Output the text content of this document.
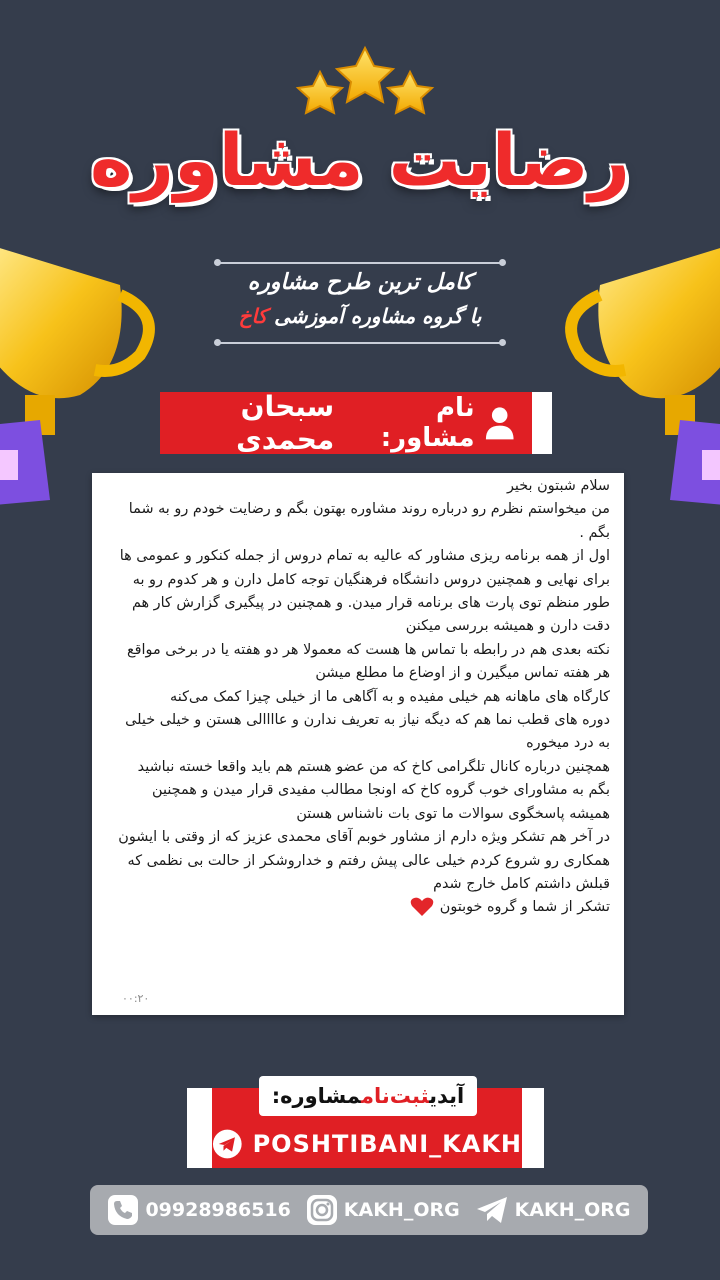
رضایت مشاوره
کامل ترین طرح مشاوره
با گروه مشاوره آموزشی کاخ
سبحان محمدی
نام مشاور:
سلام شبتون بخیر
من میخواستم نظرم رو درباره روند مشاوره بهتون بگم و رضایت خودم رو به شما بگم .
اول از همه برنامه ریزی مشاور که عالیه به تمام دروس از جمله کنکور و عمومی ها برای نهایی و همچنین دروس دانشگاه فرهنگیان توجه کامل دارن و هر کدوم رو به طور منظم توی پارت های برنامه قرار میدن. و همچنین در پیگیری گزارش کار هم دقت دارن و همیشه بررسی میکنن
نکته بعدی هم در رابطه با تماس ها هست که معمولا هر دو هفته یا در برخی مواقع هر هفته تماس میگیرن و از اوضاع ما مطلع میشن
کارگاه های ماهانه هم خیلی مفیده و به آگاهی ما از خیلی چیزا کمک می‌کنه
دوره های قطب نما هم که دیگه نیاز به تعریف ندارن و عاااالی هستن و خیلی خیلی به درد میخوره
همچنین درباره کانال تلگرامی کاخ که من عضو هستم هم باید واقعا خسته نباشید بگم به مشاورای خوب گروه کاخ که اونجا مطالب مفیدی قرار میدن و همچنین همیشه پاسخگوی سوالات ما توی بات ناشناس هستن
در آخر هم تشکر ویژه دارم از مشاور خوبم آقای محمدی عزیز که از وقتی با ایشون همکاری رو شروع کردم خیلی عالی پیش رفتم و خداروشکر از حالت بی نظمی که قبلش داشتم کامل خارج شدم
تشکر از شما و گروه خوبتون
۰۰:۲۰
آیدیثبت‌ناممشاوره:
POSHTIBANI_KAKH
09928986516	KAKH_ORG	KAKH_ORG
